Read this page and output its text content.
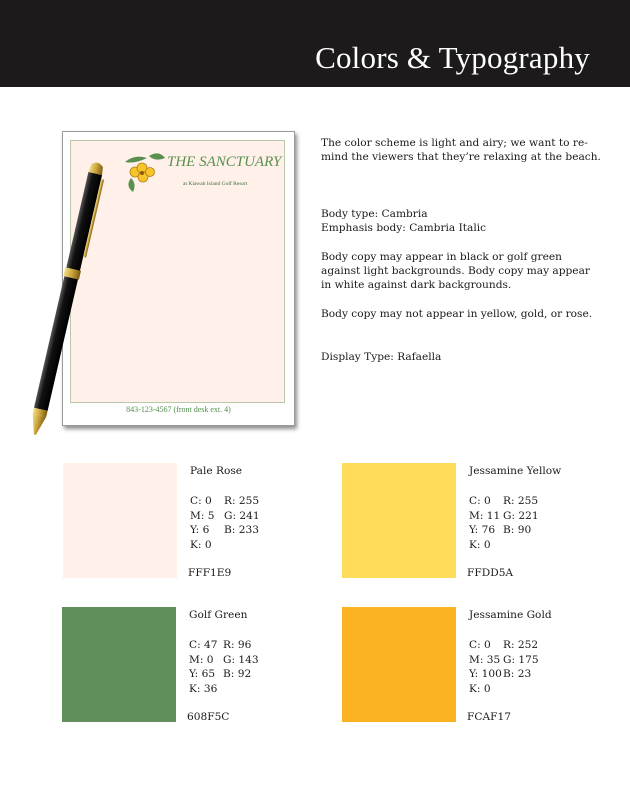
Colors & Typography
THE SANCTUARY
at Kiawah Island Golf Resort
843-123-4567 (front desk ext. 4)
The color scheme is light and airy; we want to re-
mind the viewers that they’re relaxing at the beach.
Body type: Cambria
Emphasis body: Cambria Italic
Body copy may appear in black or golf green
against light backgrounds. Body copy may appear
in white against dark backgrounds.
Body copy may not appear in yellow, gold, or rose.
Display Type: Rafaella
Pale Rose
C: 0	R: 255
M: 5 G: 241
Y: 6	B: 233
K: 0
FFF1E9
Jessamine Yellow
C: 0	R: 255
M: 11 G: 221
Y: 76 B: 90
K: 0
FFDD5A
Golf Green
C: 47 R: 96
M: 0 G: 143
Y: 65 B: 92
K: 36
608F5C
Jessamine Gold
C: 0	R: 252
M: 35 G: 175
Y: 100 B: 23
K: 0
FCAF17
